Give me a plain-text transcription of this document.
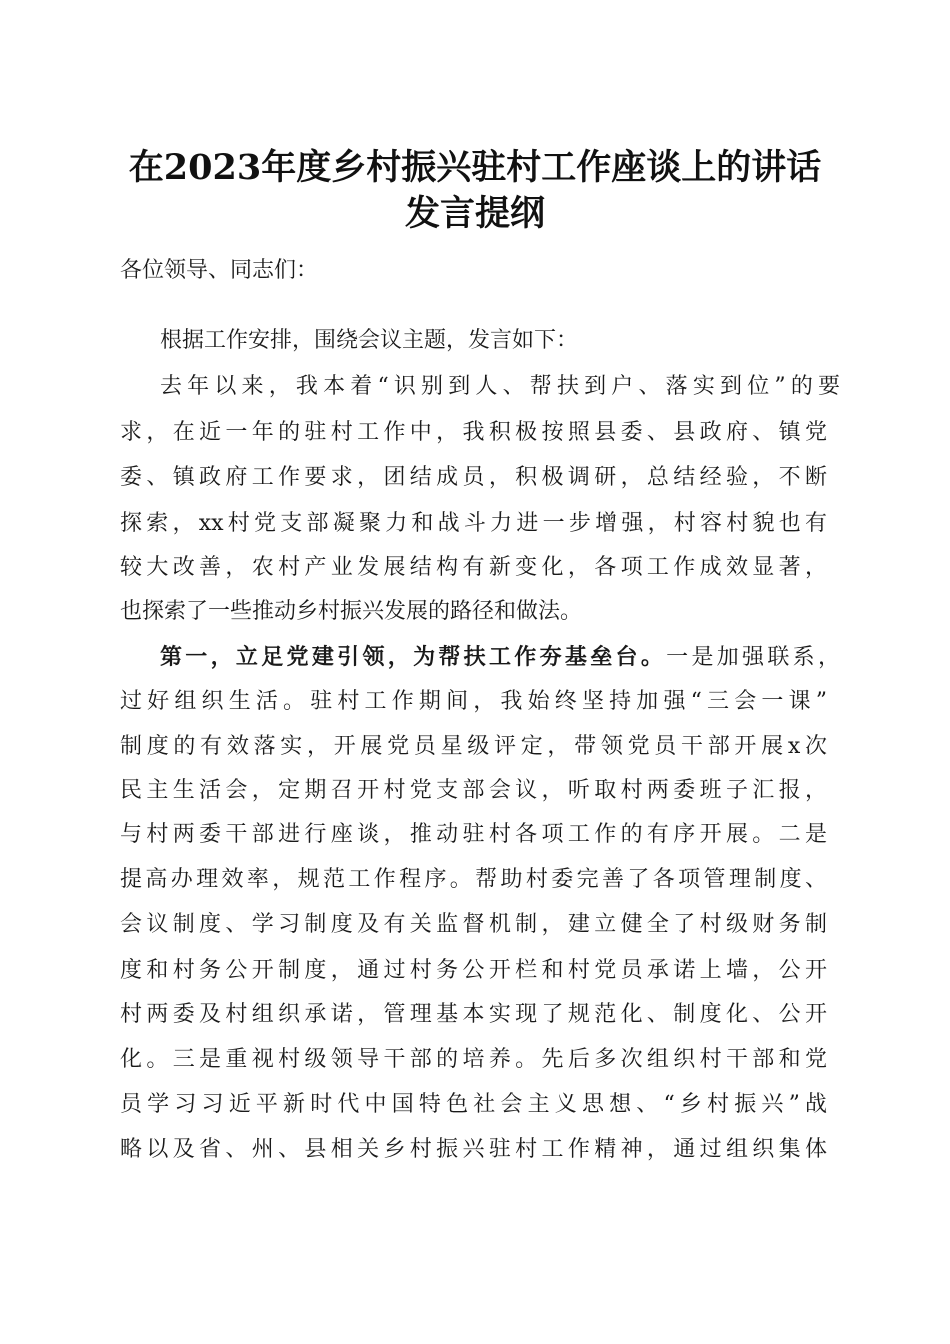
在2023年度乡村振兴驻村工作座谈上的讲话
发言提纲
各位领导、同志们：
根据工作安排，围绕会议主题，发言如下：
去年以来，我本着“识别到人、帮扶到户、落实到位”的要
求，在近一年的驻村工作中，我积极按照县委、县政府、镇党
委、镇政府工作要求，团结成员，积极调研，总结经验，不断
探索，xx村党支部凝聚力和战斗力进一步增强，村容村貌也有
较大改善，农村产业发展结构有新变化，各项工作成效显著，
也探索了一些推动乡村振兴发展的路径和做法。
第一，立足党建引领，为帮扶工作夯基垒台。一是加强联系，
过好组织生活。驻村工作期间，我始终坚持加强“三会一课”
制度的有效落实，开展党员星级评定，带领党员干部开展x次
民主生活会，定期召开村党支部会议，听取村两委班子汇报，
与村两委干部进行座谈，推动驻村各项工作的有序开展。二是
提高办理效率，规范工作程序。帮助村委完善了各项管理制度、
会议制度、学习制度及有关监督机制，建立健全了村级财务制
度和村务公开制度，通过村务公开栏和村党员承诺上墙，公开
村两委及村组织承诺，管理基本实现了规范化、制度化、公开
化。三是重视村级领导干部的培养。先后多次组织村干部和党
员学习习近平新时代中国特色社会主义思想、“乡村振兴”战
略以及省、州、县相关乡村振兴驻村工作精神，通过组织集体
